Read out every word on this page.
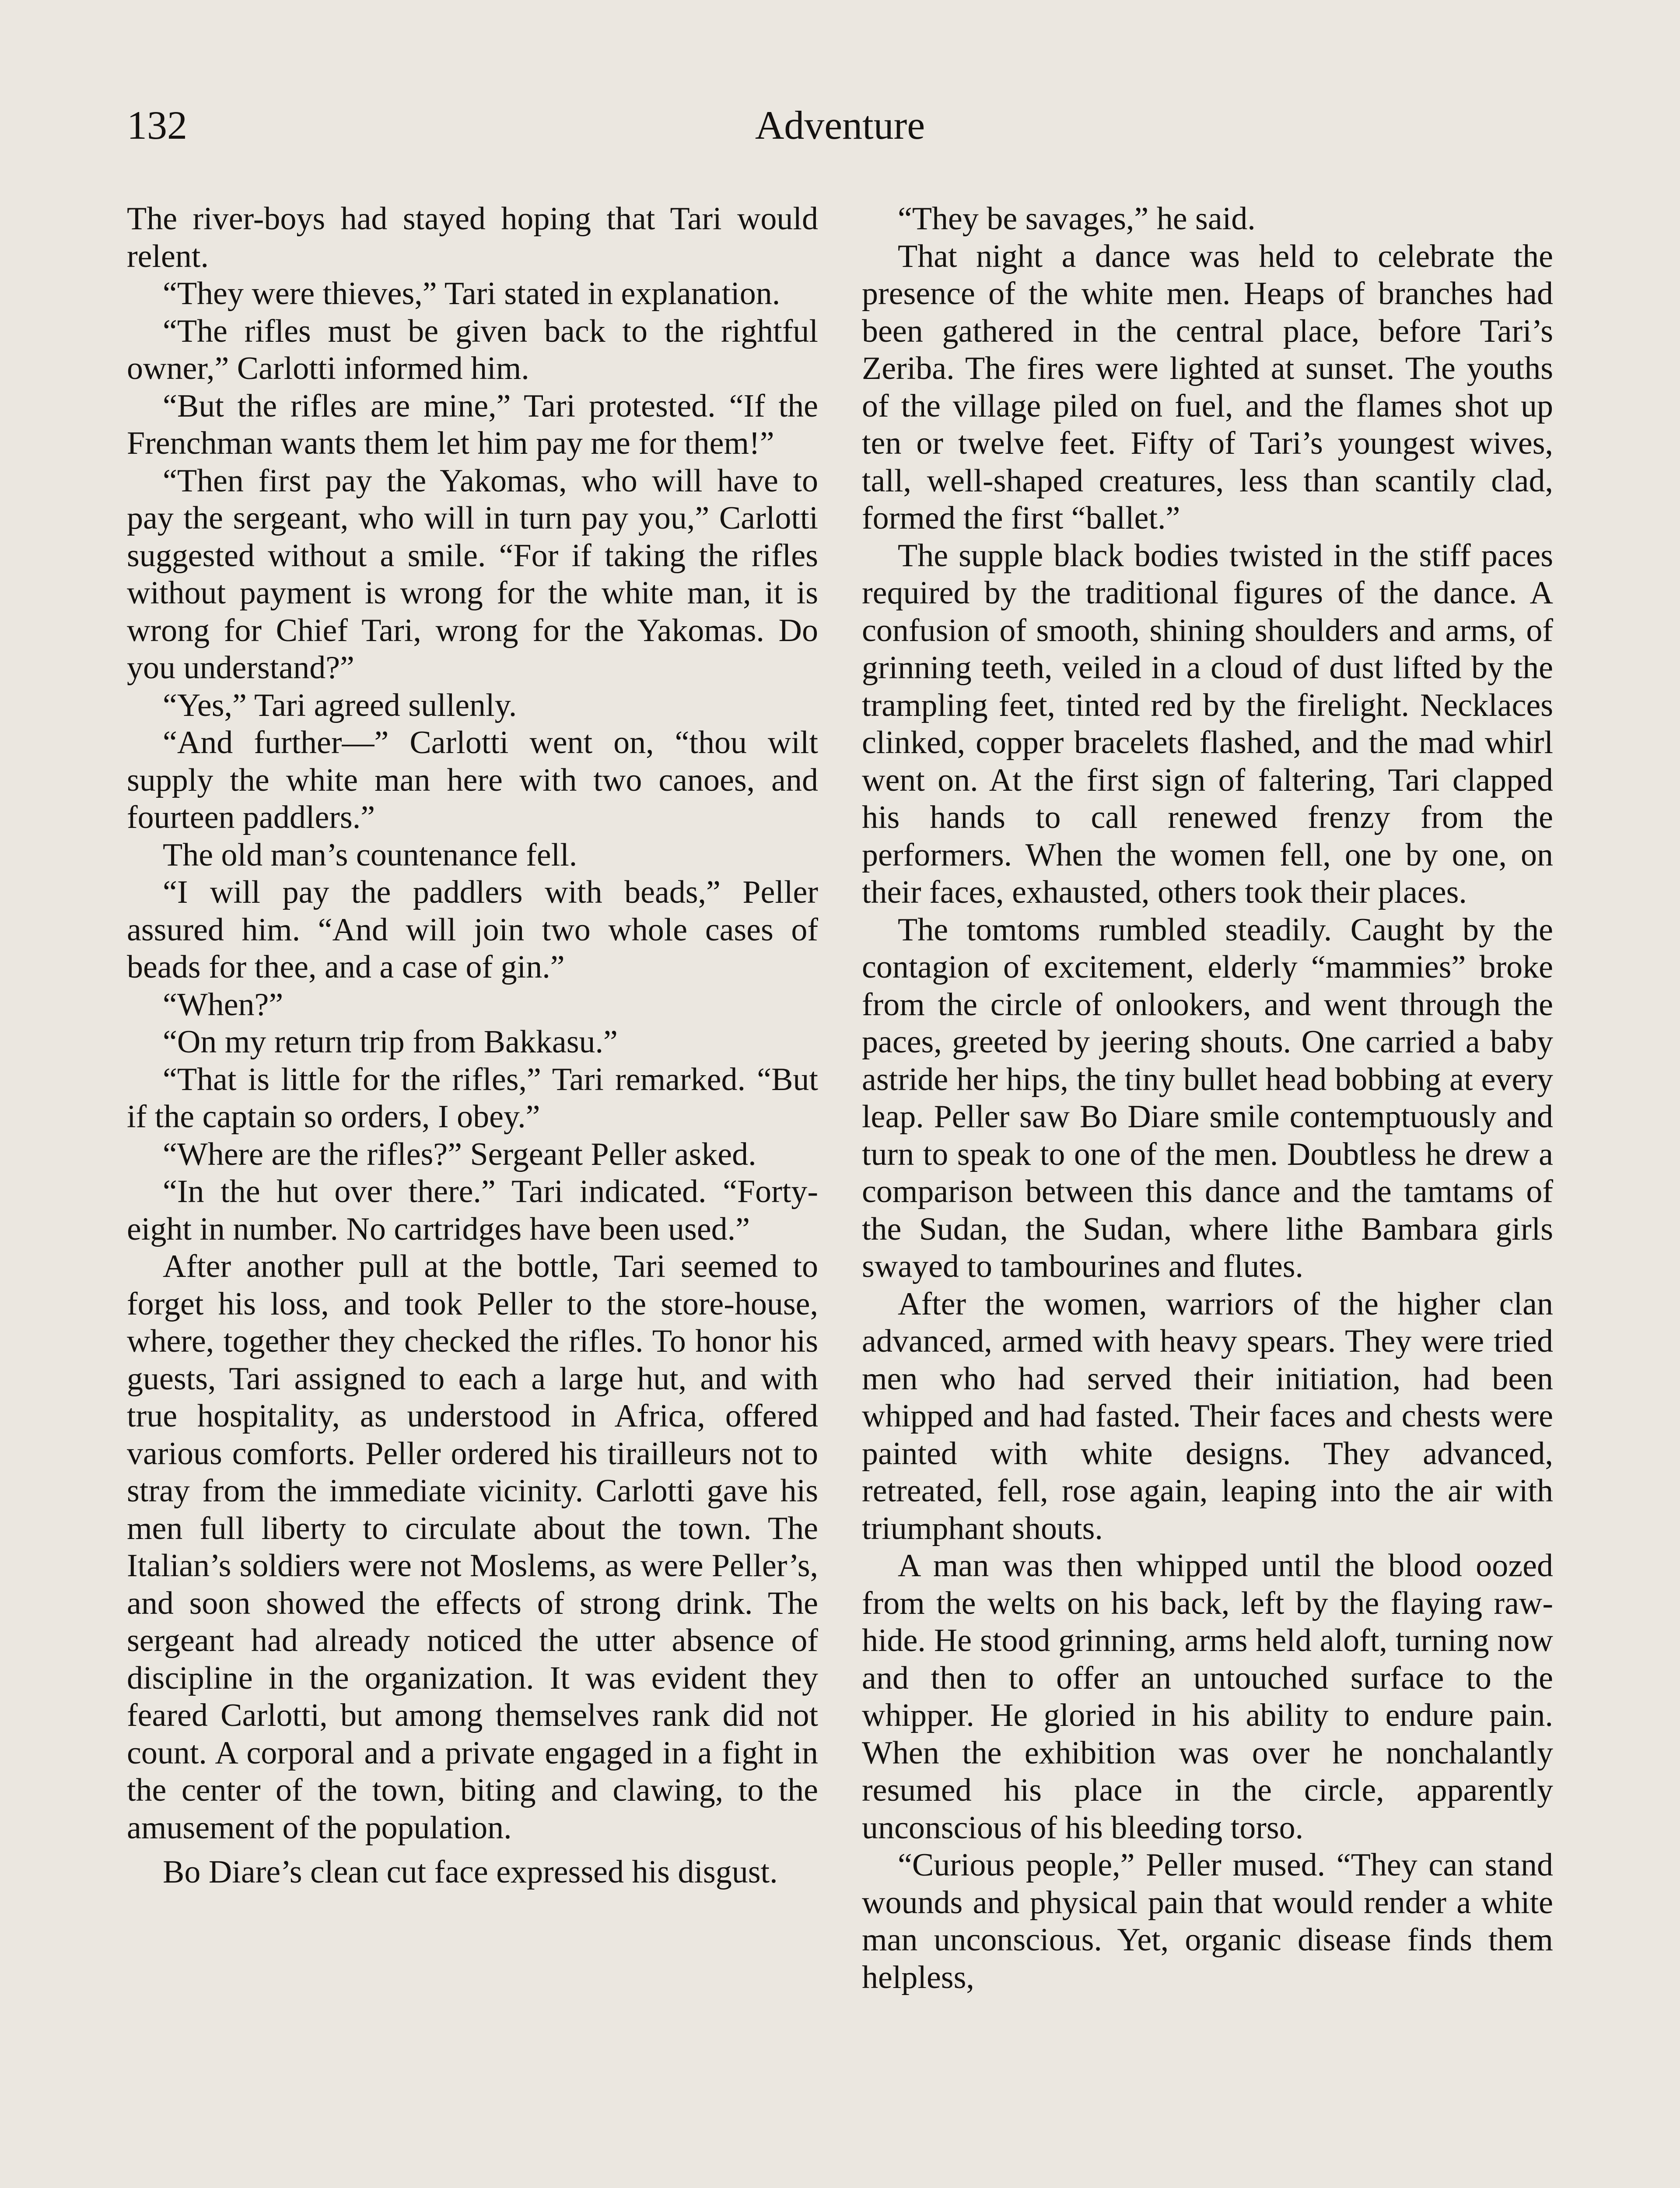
132	Adventure

The river-boys had stayed hoping that Tari would relent.

“They were thieves,” Tari stated in explanation.

“The rifles must be given back to the rightful owner,” Carlotti informed him.

“But the rifles are mine,” Tari protested. “If the Frenchman wants them let him pay me for them!”

“Then first pay the Yakomas, who will have to pay the sergeant, who will in turn pay you,” Carlotti suggested without a smile. “For if taking the rifles without payment is wrong for the white man, it is wrong for Chief Tari, wrong for the Yakomas. Do you understand?”

“Yes,” Tari agreed sullenly.

“And further—” Carlotti went on, “thou wilt supply the white man here with two canoes, and fourteen paddlers.”

The old man’s countenance fell.

“I will pay the paddlers with beads,” Peller assured him. “And will join two whole cases of beads for thee, and a case of gin.”

“When?”

“On my return trip from Bakkasu.”

“That is little for the rifles,” Tari remarked. “But if the captain so orders, I obey.”

“Where are the rifles?” Sergeant Peller asked.

“In the hut over there.” Tari indicated. “Forty-eight in number. No cartridges have been used.”

After another pull at the bottle, Tari seemed to forget his loss, and took Peller to the store-house, where, together they checked the rifles. To honor his guests, Tari assigned to each a large hut, and with true hospitality, as understood in Africa, offered various comforts. Peller ordered his tirailleurs not to stray from the immediate vicinity. Carlotti gave his men full liberty to circulate about the town. The Italian’s soldiers were not Moslems, as were Peller’s, and soon showed the effects of strong drink. The sergeant had already noticed the utter absence of discipline in the organization. It was evident they feared Carlotti, but among themselves rank did not count. A corporal and a private engaged in a fight in the center of the town, biting and clawing, to the amusement of the population.

Bo Diare’s clean cut face expressed his disgust.

“They be savages,” he said.

That night a dance was held to celebrate the presence of the white men. Heaps of branches had been gathered in the central place, before Tari’s Zeriba. The fires were lighted at sunset. The youths of the village piled on fuel, and the flames shot up ten or twelve feet. Fifty of Tari’s youngest wives, tall, well-shaped creatures, less than scantily clad, formed the first “ballet.”

The supple black bodies twisted in the stiff paces required by the traditional figures of the dance. A confusion of smooth, shining shoulders and arms, of grinning teeth, veiled in a cloud of dust lifted by the trampling feet, tinted red by the firelight. Necklaces clinked, copper bracelets flashed, and the mad whirl went on. At the first sign of faltering, Tari clapped his hands to call renewed frenzy from the performers. When the women fell, one by one, on their faces, exhausted, others took their places.

The tomtoms rumbled steadily. Caught by the contagion of excitement, elderly “mammies” broke from the circle of onlookers, and went through the paces, greeted by jeering shouts. One carried a baby astride her hips, the tiny bullet head bobbing at every leap. Peller saw Bo Diare smile contemptuously and turn to speak to one of the men. Doubtless he drew a comparison between this dance and the tamtams of the Sudan, the Sudan, where lithe Bambara girls swayed to tambourines and flutes.

After the women, warriors of the higher clan advanced, armed with heavy spears. They were tried men who had served their initiation, had been whipped and had fasted. Their faces and chests were painted with white designs. They advanced, retreated, fell, rose again, leaping into the air with triumphant shouts.

A man was then whipped until the blood oozed from the welts on his back, left by the flaying raw-hide. He stood grinning, arms held aloft, turning now and then to offer an untouched surface to the whipper. He gloried in his ability to endure pain. When the exhibition was over he nonchalantly resumed his place in the circle, apparently unconscious of his bleeding torso.

“Curious people,” Peller mused. “They can stand wounds and physical pain that would render a white man unconscious. Yet, organic disease finds them helpless,
